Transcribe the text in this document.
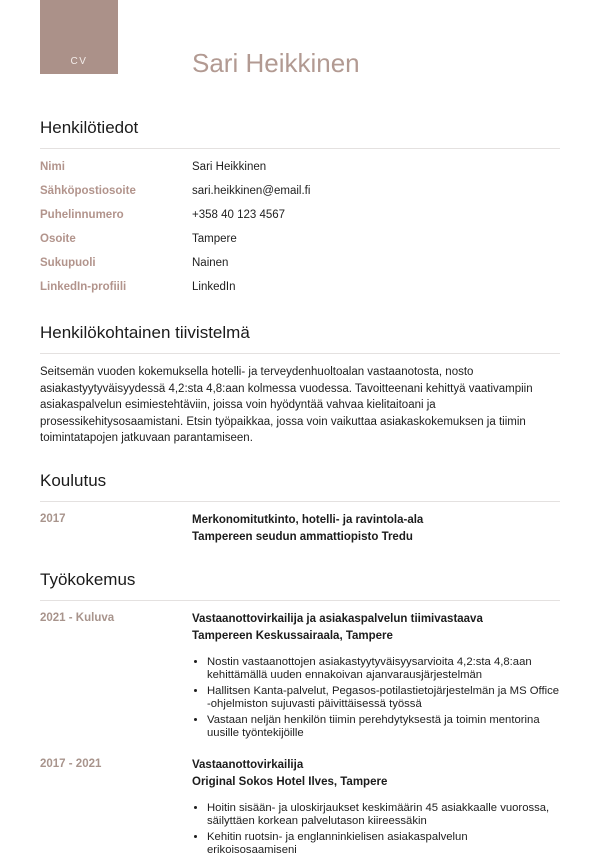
CV	Sari Heikkinen
Henkilötiedot
Nimi	Sari Heikkinen
Sähköpostiosoite	sari.heikkinen@email.fi
Puhelinnumero	+358 40 123 4567
Osoite	Tampere
Sukupuoli	Nainen
LinkedIn-profiili	LinkedIn
Henkilökohtainen tiivistelmä

Seitsemän vuoden kokemuksella hotelli- ja terveydenhuoltoalan vastaanotosta, nosto asiakastyytyväisyydessä 4,2:sta 4,8:aan kolmessa vuodessa. Tavoitteenani kehittyä vaativampiin asiakaspalvelun esimiestehtäviin, joissa voin hyödyntää vahvaa kielitaitoani ja prosessikehitysosaamistani. Etsin työpaikkaa, jossa voin vaikuttaa asiakaskokemuksen ja tiimin toimintatapojen jatkuvaan parantamiseen.

Koulutus
2017	Merkonomitutkinto, hotelli- ja ravintola-ala
Tampereen seudun ammattiopisto Tredu
Työkokemus
2021 - Kuluva	Vastaanottovirkailija ja asiakaspalvelun tiimivastaava
Tampereen Keskussairaala, Tampere
• Nostin vastaanottojen asiakastyytyväisyysarvioita 4,2:sta 4,8:aan kehittämällä uuden ennakoivan ajanvarausjärjestelmän
• Hallitsen Kanta-palvelut, Pegasos-potilastietojärjestelmän ja MS Office -ohjelmiston sujuvasti päivittäisessä työssä
• Vastaan neljän henkilön tiimin perehdytyksestä ja toimin mentorina uusille työntekijöille
2017 - 2021	Vastaanottovirkailija
Original Sokos Hotel Ilves, Tampere
• Hoitin sisään- ja uloskirjaukset keskimäärin 45 asiakkaalle vuorossa, säilyttäen korkean palvelutason kiireessäkin
• Kehitin ruotsin- ja englanninkielisen asiakaspalvelun erikoisosaamiseni
